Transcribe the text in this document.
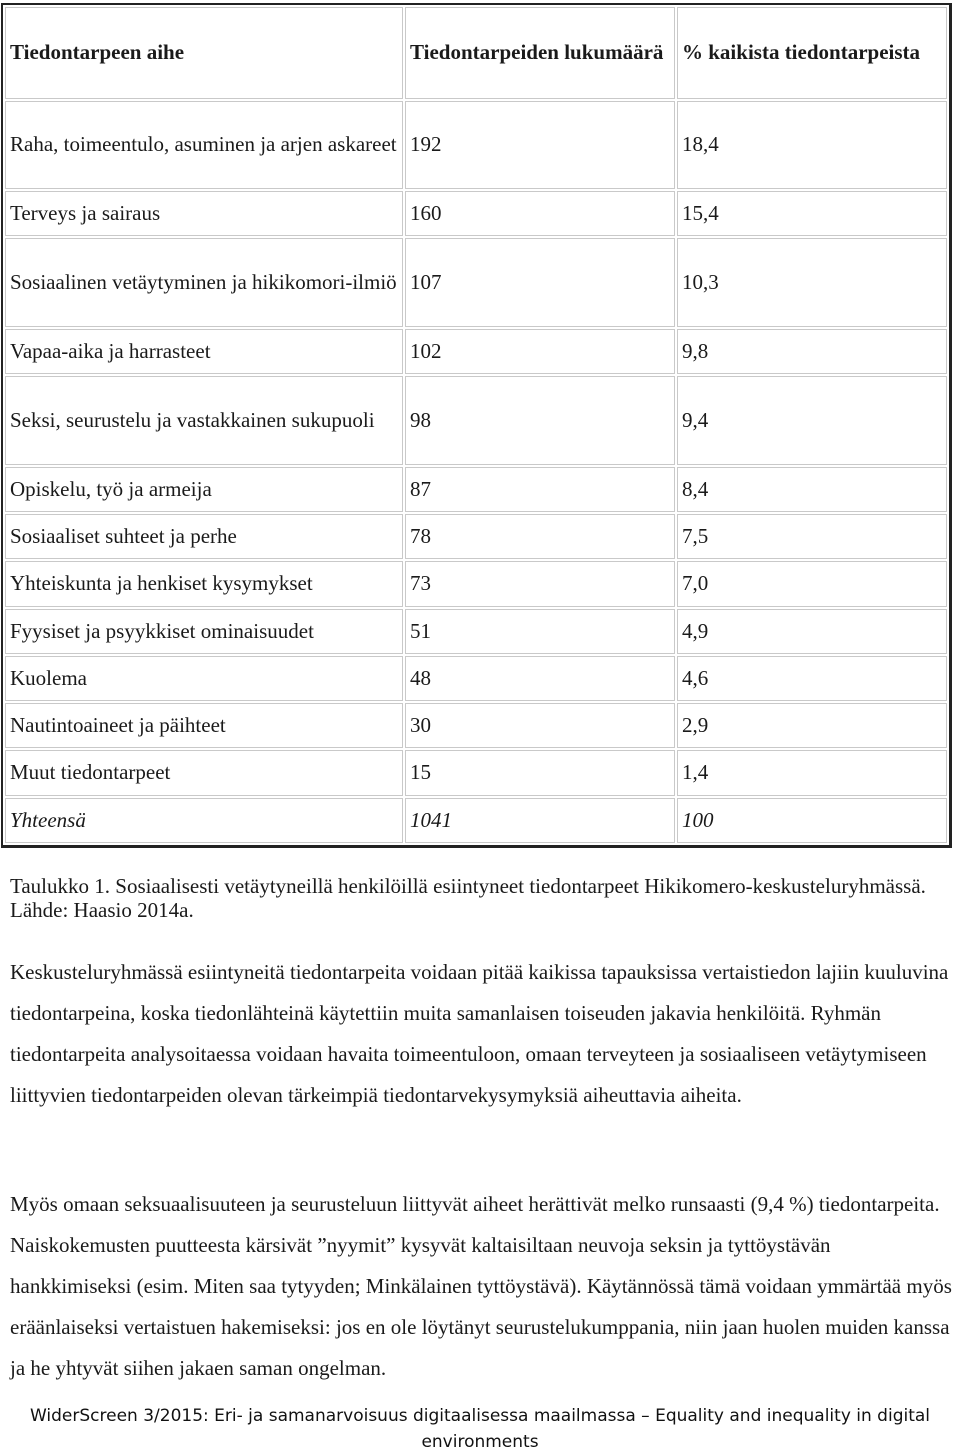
Tiedontarpeen aihe	Tiedontarpeiden lukumäärä	% kaikista tiedontarpeista
Raha, toimeentulo, asuminen ja arjen askareet	192	18,4
Terveys ja sairaus	160	15,4
Sosiaalinen vetäytyminen ja hikikomori-ilmiö	107	10,3
Vapaa-aika ja harrasteet	102	9,8
Seksi, seurustelu ja vastakkainen sukupuoli	98	9,4
Opiskelu, työ ja armeija	87	8,4
Sosiaaliset suhteet ja perhe	78	7,5
Yhteiskunta ja henkiset kysymykset	73	7,0
Fyysiset ja psyykkiset ominaisuudet	51	4,9
Kuolema	48	4,6
Nautintoaineet ja päihteet	30	2,9
Muut tiedontarpeet	15	1,4
Yhteensä	1041	100
Taulukko 1. Sosiaalisesti vetäytyneillä henkilöillä esiintyneet tiedontarpeet Hikikomero-keskusteluryhmässä. Lähde: Haasio 2014a.

Keskusteluryhmässä esiintyneitä tiedontarpeita voidaan pitää kaikissa tapauksissa vertaistiedon lajiin kuuluvina tiedontarpeina, koska tiedonlähteinä käytettiin muita samanlaisen toiseuden jakavia henkilöitä. Ryhmän tiedontarpeita analysoitaessa voidaan havaita toimeentuloon, omaan terveyteen ja sosiaaliseen vetäytymiseen liittyvien tiedontarpeiden olevan tärkeimpiä tiedontarvekysymyksiä aiheuttavia aiheita.

Myös omaan seksuaalisuuteen ja seurusteluun liittyvät aiheet herättivät melko runsaasti (9,4 %) tiedontarpeita. Naiskokemusten puutteesta kärsivät ”nyymit” kysyvät kaltaisiltaan neuvoja seksin ja tyttöystävän hankkimiseksi (esim. Miten saa tytyyden; Minkälainen tyttöystävä). Käytännössä tämä voidaan ymmärtää myös eräänlaiseksi vertaistuen hakemiseksi: jos en ole löytänyt seurustelukumppania, niin jaan huolen muiden kanssa ja he yhtyvät siihen jakaen saman ongelman.

WiderScreen 3/2015: Eri- ja samanarvoisuus digitaalisessa maailmassa – Equality and inequality in digital environments
